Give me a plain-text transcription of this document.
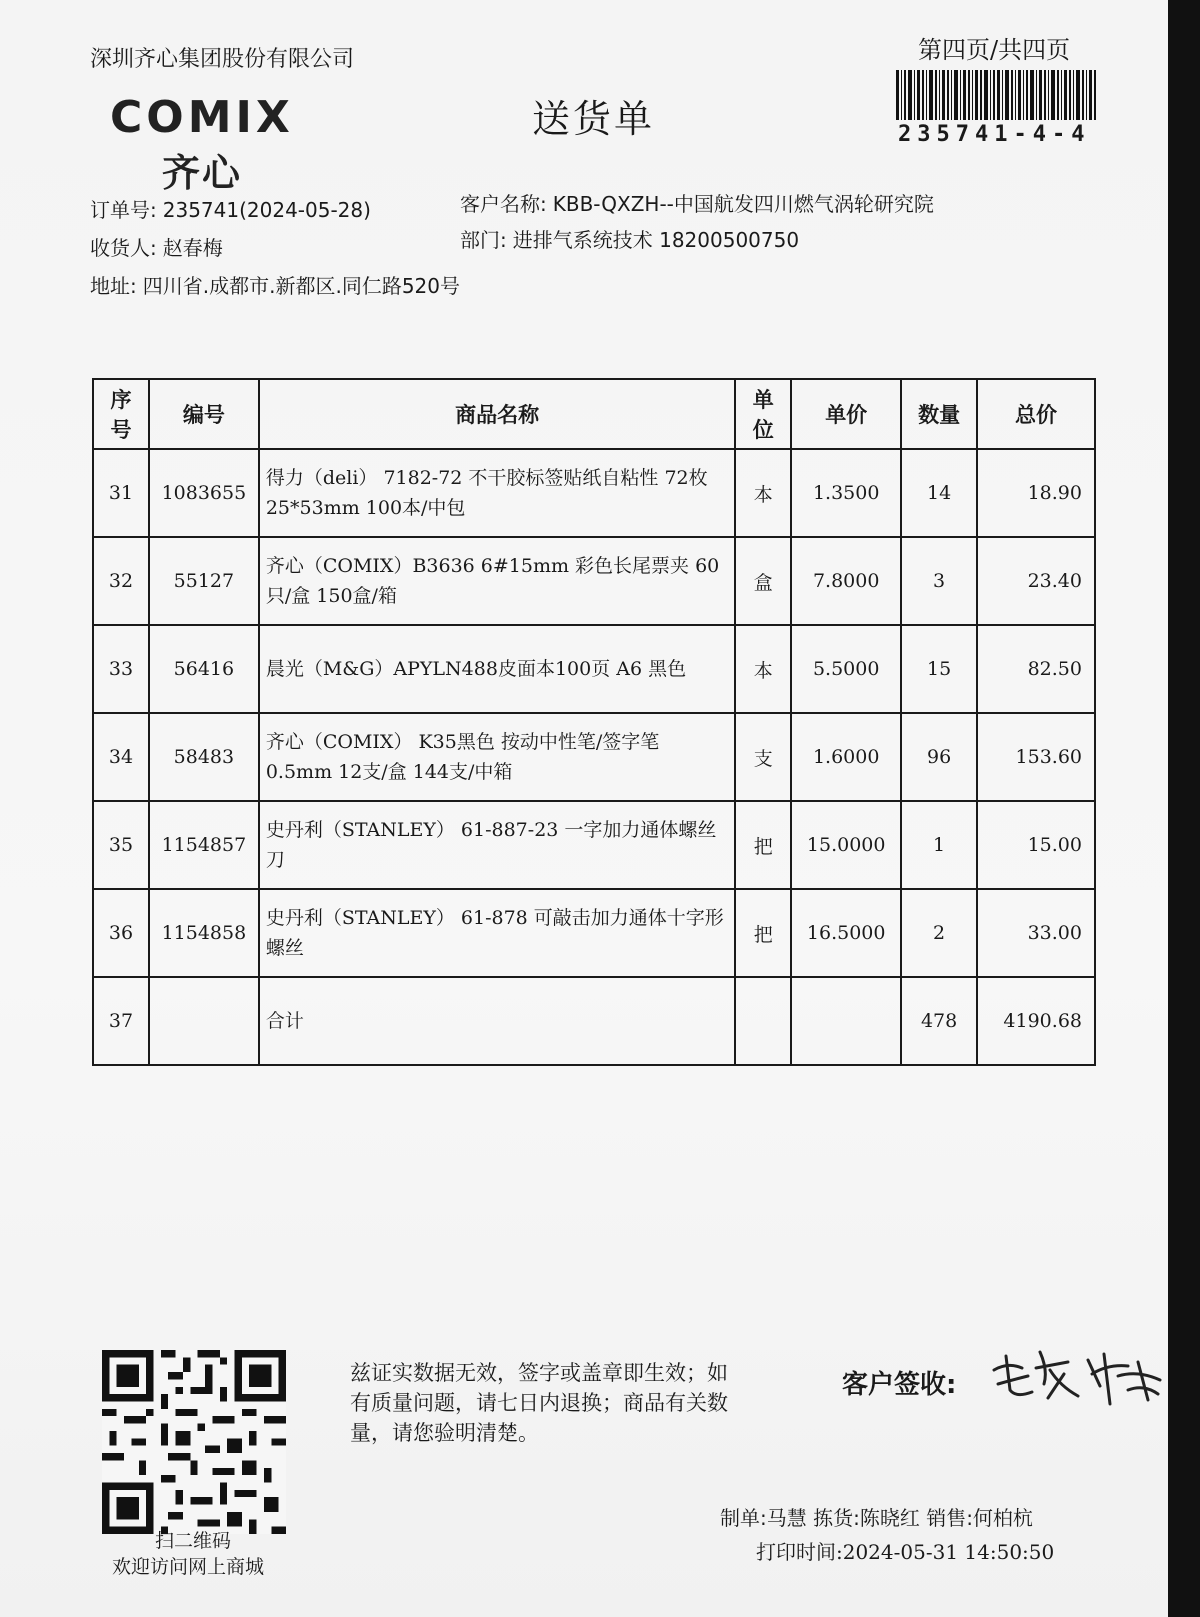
深圳齐心集团股份有限公司
COMIX
齐心
送货单
第四页/共四页
235741-4-4
订单号: 235741(2024-05-28)	客户名称: KBB-QXZH--中国航发四川燃气涡轮研究院
收货人: 赵春梅	部门: 进排气系统技术 18200500750
地址: 四川省.成都市.新都区.同仁路520号
序号	编号	商品名称	单位	单价	数量	总价
31	1083655	得力（deli） 7182-72 不干胶标签贴纸自粘性 72枚 25*53mm 100本/中包	本	1.3500	14	18.90
32	55127	齐心（COMIX）B3636 6#15mm 彩色长尾票夹 60只/盒 150盒/箱	盒	7.8000	3	23.40
33	56416	晨光（M&G）APYLN488皮面本100页 A6 黑色	本	5.5000	15	82.50
34	58483	齐心（COMIX） K35黑色 按动中性笔/签字笔 0.5mm 12支/盒 144支/中箱	支	1.6000	96	153.60
35	1154857	史丹利（STANLEY） 61-887-23 一字加力通体螺丝刀	把	15.0000	1	15.00
36	1154858	史丹利（STANLEY） 61-878 可敲击加力通体十字形螺丝	把	16.5000	2	33.00
37		合计			478	4190.68
扫二维码
欢迎访问网上商城
兹证实数据无效，签字或盖章即生效；如有质量问题，请七日内退换；商品有关数量，请您验明清楚。
客户签收:
制单:马慧 拣货:陈晓红 销售:何柏杭
打印时间:2024-05-31 14:50:50
